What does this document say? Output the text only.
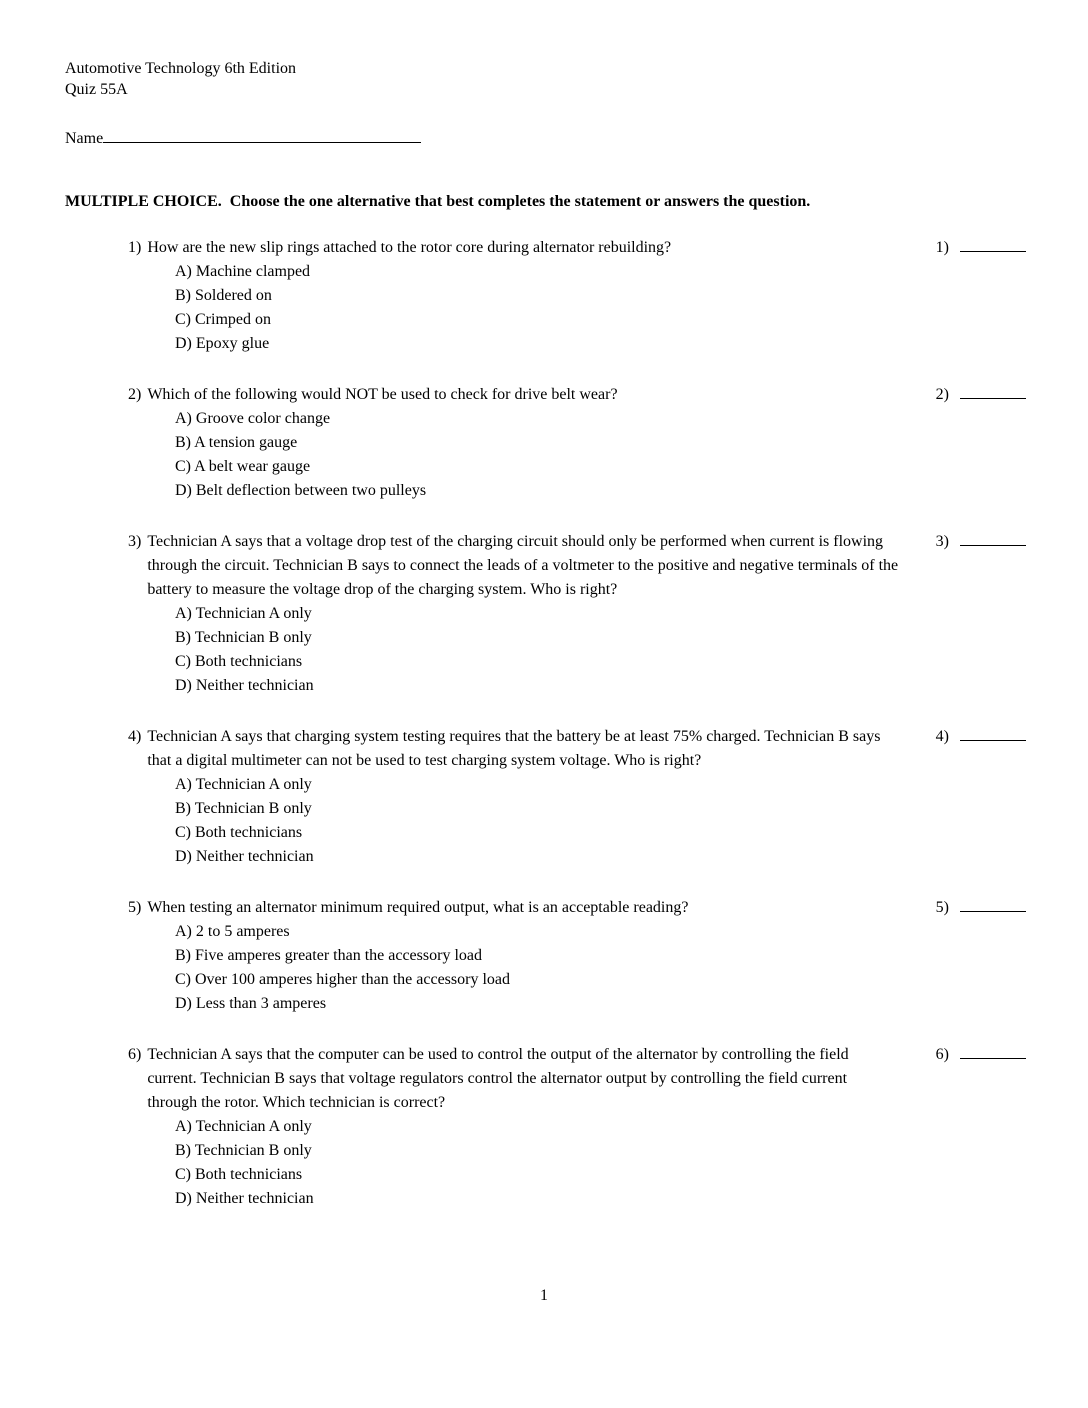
Automotive Technology 6th Edition
Quiz 55A
Name
MULTIPLE CHOICE.  Choose the one alternative that best completes the statement or answers the question.
1) How are the new slip rings attached to the rotor core during alternator rebuilding?
A) Machine clamped
B) Soldered on
C) Crimped on
D) Epoxy glue
1)
2) Which of the following would NOT be used to check for drive belt wear?
A) Groove color change
B) A tension gauge
C) A belt wear gauge
D) Belt deflection between two pulleys
2)
3) Technician A says that a voltage drop test of the charging circuit should only be performed when current is flowing through the circuit. Technician B says to connect the leads of a voltmeter to the positive and negative terminals of the battery to measure the voltage drop of the charging system. Who is right?
A) Technician A only
B) Technician B only
C) Both technicians
D) Neither technician
3)
4) Technician A says that charging system testing requires that the battery be at least 75% charged. Technician B says that a digital multimeter can not be used to test charging system voltage. Who is right?
A) Technician A only
B) Technician B only
C) Both technicians
D) Neither technician
4)
5) When testing an alternator minimum required output, what is an acceptable reading?
A) 2 to 5 amperes
B) Five amperes greater than the accessory load
C) Over 100 amperes higher than the accessory load
D) Less than 3 amperes
5)
6) Technician A says that the computer can be used to control the output of the alternator by controlling the field current. Technician B says that voltage regulators control the alternator output by controlling the field current through the rotor. Which technician is correct?
A) Technician A only
B) Technician B only
C) Both technicians
D) Neither technician
6)
1
